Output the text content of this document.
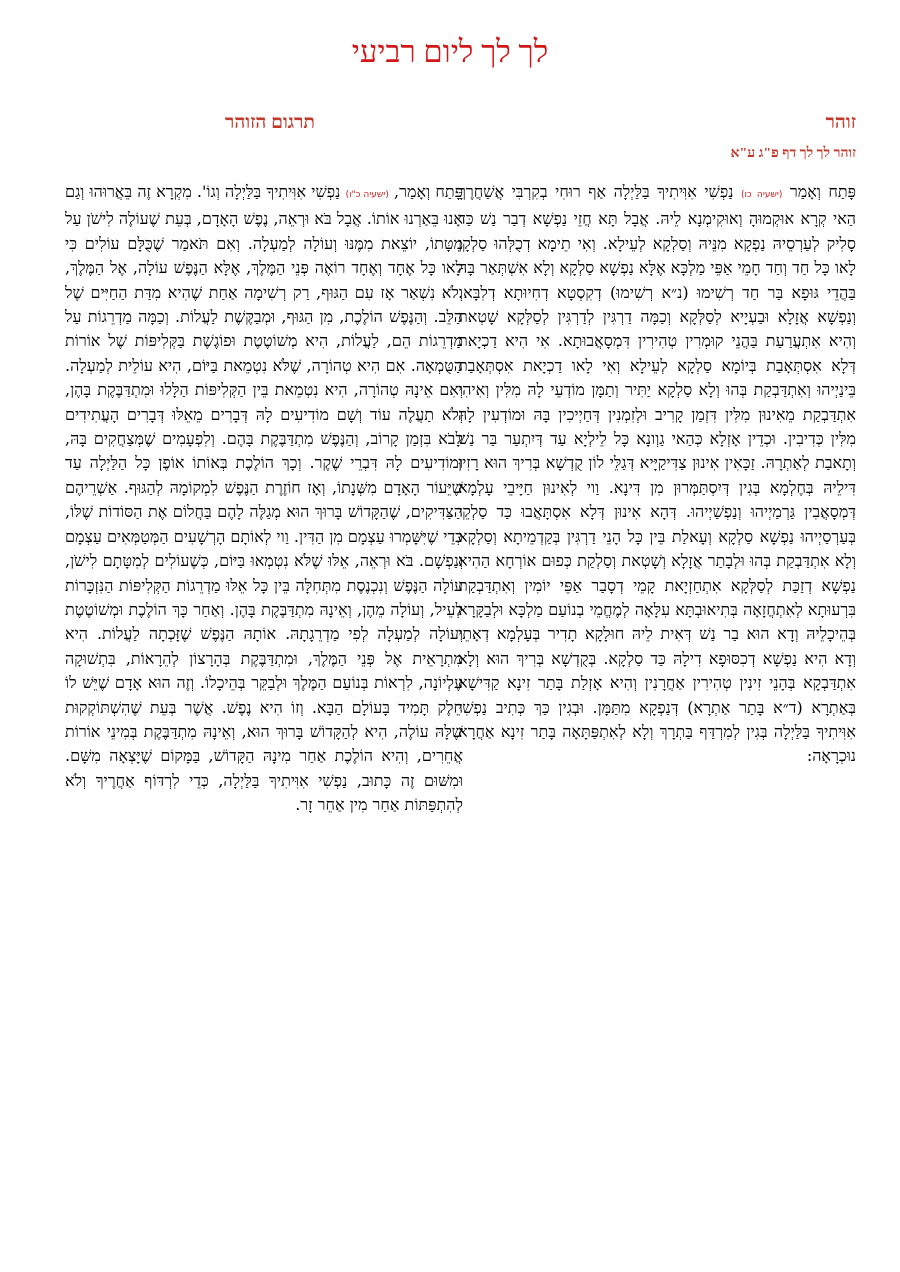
לך לך ליום רביעי
זוהר
תרגום הזוהר
זוהר לך לך דף פ"ג ע"א
פָּתַח וְאָמַר (ישעיה כו) נַפְשִׁי אִוִּיתִיךָ בַּלַּיְלָה אַף רוּחִי בְקִרְבִּי אֲשַׁחֲרֶךָּ הַאי קְרָא אוּקְמוּהָ וְאוּקִימְנָא לֵיהּ. אֲבָל תָּא חֲזֵי נַפְשָׁא דְבַר נַשׁ כַּד סָלִיק לְעַרְסֵיהּ נַפְקָא מִנֵּיהּ וְסַלְקָא לְעֵילָא. וְאִי תֵימָא דְכֻלְּהוּ סַלְקָן לָאו כָּל חַד וְחַד חָמֵי אַפֵּי מַלְכָּא אֶלָּא נַפְשָׁא סַלְקָא וְלָא אִשְׁתְּאַר בָּהּ בַּהֲדֵי גּוּפָא בַּר חַד רְשִׁימוּ (נ״א רְשִׁימוּ) דְקִסְטָא דְחִיוּתָא דְלִבָּא. וְנַפְשָׁא אֲזָלָא וּבַעְיָיא לְסַלְּקָא וְכַמָּה דַרְגִּין לְדַרְגִּין לְסַלְּקָא שָׁטְאת וְהִיא אִתְעֲרַעַת בַּהֲנֵי קוּמְרִין טְהִירִין דִּמְסָאֲבוּתָא. אִי הִיא דַכְיָאת דְּלָא אִסְתְּאָבַת בְּיוֹמָא סַלְקָא לְעֵילָא וְאִי לָאו דַכְיָאת אִסְתְּאָבַת בֵּינַיְיהוּ וְאִתְדַּבְקַת בְּהוּ וְלָא סַלְקָא יַתִּיר וְתַמָּן מוֹדְעֵי לָהּ מִלִּין וְאִיהִי אִתְדַּבְקַת מֵאִינוּן מִלִּין דִּזְמַן קָרִיב וּלְזִמְנִין דְּחַיְיכִין בָּהּ וּמוֹדְעִין לָהּ מִלִּין כְּדִיבִין. וּכְדֵין אָזְלָא כְּהַאי גַוְונָא כָּל לֵילְיָא עַד דְּיִתְעַר בַּר נַשׁ וְתָאבַת לְאַתְרָהּ. זַכָּאִין אִינוּן צַדִּיקַיָּיא דְּגַלֵּי לוֹן קֻדְשָׁא בְּרִיךְ הוּא רָזִין דִּילֵיהּ בְּחֶלְמָא בְּגִין דְּיִסְתַּמְּרוּן מִן דִּינָא. וַוי לְאִינוּן חַיָּיבֵי עָלְמָא דְּמְסָאֲבִין גַּרְמַיְיהוּ וְנַפְשַׁיְיהוּ. דְּהָא אִינוּן דְּלָא אִסְתָּאֲבוּ כַּד סַלְקֵי בְּעַרְסַיְיהוּ נַפְשָׁא סַלְקָא וְעָאלַת בֵּין כָּל הָנֵי דַרְגִּין בְּקַדְמֵיתָא וְסַלְקָא וְלָא אִתְדַּבְקַת בְּהוּ וּלְבָתַר אֲזָלָא וְשָׁטְאת וְסַלְקַת כְּפוּם אוֹרְחָא הַהִיא נַפְשָׁא דְזַכַּת לְסַלְּקָא אִתְחַזְיָאת קָמֵי דְסָבַר אַפֵּי יוֹמִין וְאִתְדַּבְקַת בִּרְעוּתָא לְאִתְחֲזָאָה בְּתִיאוּבְתָּא עִלָּאָה לְמֶחֱמֵי בְנוֹעַם מַלְכָּא וּלְבַקָּרָא בְּהֵיכָלֵיהּ וְדָא הוּא בַר נַשׁ דְּאִית לֵיהּ חוּלָקָא תָדִיר בְּעָלְמָא דְאָתֵי וְדָא הִיא נַפְשָׁא דְכִסּוּפָא דִילָהּ כַּד סַלְקָא. בְּקֻדְשָׁא בְּרִיךְ הוּא וְלָא אִתְדַּבְקָא בְּהָנֵי זִינִין טְהִירִין אַחֲרָנִין וְהִיא אָזְלַת בָּתַר זִינָא קַדִּישָׁא בְּאַתְרָא (ד״א בָּתַר אַתְרָא) דְּנַפְקָא מִתַּמָּן. וּבְגִין כַּךְ כְּתִיב נַפְשִׁי אִוִּיתִיךָ בַּלַּיְלָה בְּגִין לְמִרְדַּף בַּתְרָךְ וְלָא לְאִתְפַּתָּאָה בָּתַר זִינָא אַחֲרָא נוּכְרָאָה:
פָּתַח וְאָמַר, (ישעיה כ"ו) נַפְשִׁי אִוִּיתִיךָ בַּלַּיְלָה וְגוֹ'. מִקְרָא זֶה בֵּאֲרוּהוּ וְגַם אָנוּ בֵּאַרְנוּ אוֹתוֹ. אֲבָל בֹּא וּרְאֵה, נֶפֶשׁ הָאָדָם, בְּעֵת שֶׁעוֹלֶה לִישֹׁן עַל מִטָּתוֹ, יוֹצֵאת מִמֶּנּוּ וְעוֹלָה לְמַעְלָה. וְאִם תֹּאמַר שֶׁכֻּלָּם עוֹלִים כִּי לָאו כָּל אֶחָד וְאֶחָד רוֹאֶה פְּנֵי הַמֶּלֶךְ, אֶלָּא הַנֶּפֶשׁ עוֹלָה, אֶל הַמֶּלֶךְ, וְלֹא נִשְׁאַר אָז עִם הַגּוּף, רַק רְשִׁימָה אַחַת שֶׁהִיא מִדַּת הַחַיִּים שֶׁל הַלֵּב. וְהַנֶּפֶשׁ הוֹלֶכֶת, מִן הַגּוּף, וּמְבַקֶּשֶׁת לַעֲלוֹת. וְכַמָּה מַדְרֵגוֹת עַל מַדְרֵגוֹת הֵם, לַעֲלוֹת, הִיא מְשׁוֹטֶטֶת וּפוֹגֶשֶׁת בַּקְּלִיפּוֹת שֶׁל אוֹרוֹת הַטֻּמְאָה. אִם הִיא טְהוֹרָה, שֶׁלֹּא נִטְמֵאת בַּיּוֹם, הִיא עוֹלֵית לְמַעְלָה. וְאִם אֵינָהּ טְהוֹרָה, הִיא נִטְמֵאת בֵּין הַקְּלִיפּוֹת הַלָּלוּ וּמִתְדַּבֶּקֶת בָּהֶן, וְלֹא תַעֲלֶה עוֹד וְשָׁם מוֹדִיעִים לָהּ דְּבָרִים מֵאֵלּוּ דְּבָרִים הָעֲתִידִים לָבֹא בִּזְמַן קָרוֹב, וְהַנֶּפֶשׁ מִתְדַּבֶּקֶת בָּהֶם. וְלִפְעָמִים שֶׁמְּצַחֲקִים בָּהּ, וּמוֹדִיעִים לָהּ דִּבְרֵי שֶׁקֶר. וְכָךְ הוֹלֶכֶת בְּאוֹתוֹ אוֹפֶן כָּל הַלַּיְלָה עַד שֶׁיֵּעוֹר הָאָדָם מִשְּׁנָתוֹ, וְאָז חוֹזֶרֶת הַנֶּפֶשׁ לִמְקוֹמָהּ לְהַגּוּף. אַשְׁרֵיהֶם הַצַּדִּיקִים, שֶׁהַקָּדוֹשׁ בָּרוּךְ הוּא מְגַלֶּה לָהֶם בַּחֲלוֹם אֶת הַסּוֹדוֹת שֶׁלּוֹ, כְּדֵי שֶׁיִּשָּׁמְרוּ עַצְמָם מִן הַדִּין. וַוי לְאוֹתָם הָרְשָׁעִים הַמְּטַמְּאִים עַצְמָם וְנַפְשָׁם. בֹּא וּרְאֵה, אֵלּוּ שֶׁלֹּא נִטְמְאוּ בַּיּוֹם, כְּשֶׁעוֹלִים לְמִטָּתָם לִישֹׁן, עוֹלָה הַנֶּפֶשׁ וְנִכְנֶסֶת מִתְּחִלָּה בֵּין כָּל אֵלּוּ מַדְרֵגוֹת הַקְּלִיפּוֹת הַנִּזְכָּרוֹת לְעֵיל, וְעוֹלָה מֵהֶן, וְאֵינָהּ מִתְדַּבֶּקֶת בָּהֶן. וְאַחַר כָּךְ הוֹלֶכֶת וּמְשׁוֹטֶטֶת וְעוֹלָה לְמַעְלָה לְפִי מַדְרֵגָתָהּ. אוֹתָהּ הַנֶּפֶשׁ שֶׁזָּכְתָה לַעֲלוֹת. הִיא מִתְרָאֵית אֶל פְּנֵי הַמֶּלֶךְ, וּמִתְדַּבֶּקֶת בְּהָרָצוֹן לְהֵרָאוֹת, בִּתְשׁוּקָה עֶלְיוֹנָה, לִרְאוֹת בְּנוֹעַם הַמֶּלֶךְ וּלְבַקֵּר בְּהֵיכָלוֹ. וְזֶה הוּא אָדָם שֶׁיֵּשׁ לוֹ חֵלֶק תָּמִיד בָּעוֹלָם הַבָּא. וְזוֹ הִיא נֶפֶשׁ. אֲשֶׁר בְּעֵת שֶׁהִשְׁתּוֹקְקוּת שֶׁלָּהּ עוֹלֶה, הִיא לְהַקָּדוֹשׁ בָּרוּךְ הוּא, וְאֵינָהּ מִתְדַּבֶּקֶת בְּמִינֵי אוֹרוֹת אֲחֵרִים, וְהִיא הוֹלֶכֶת אַחַר מִינָהּ הַקָּדוֹשׁ, בַּמָּקוֹם שֶׁיָּצְאָה מִשָּׁם. וּמִשּׁוּם זֶה כָּתוּב, נַפְשִׁי אִוִּיתִיךָ בַּלַּיְלָה, כְּדֵי לִרְדּוֹף אַחֲרֶיךָ וְלֹא לְהִתְפַּתּוֹת אַחַר מִין אַחֵר זָר.
